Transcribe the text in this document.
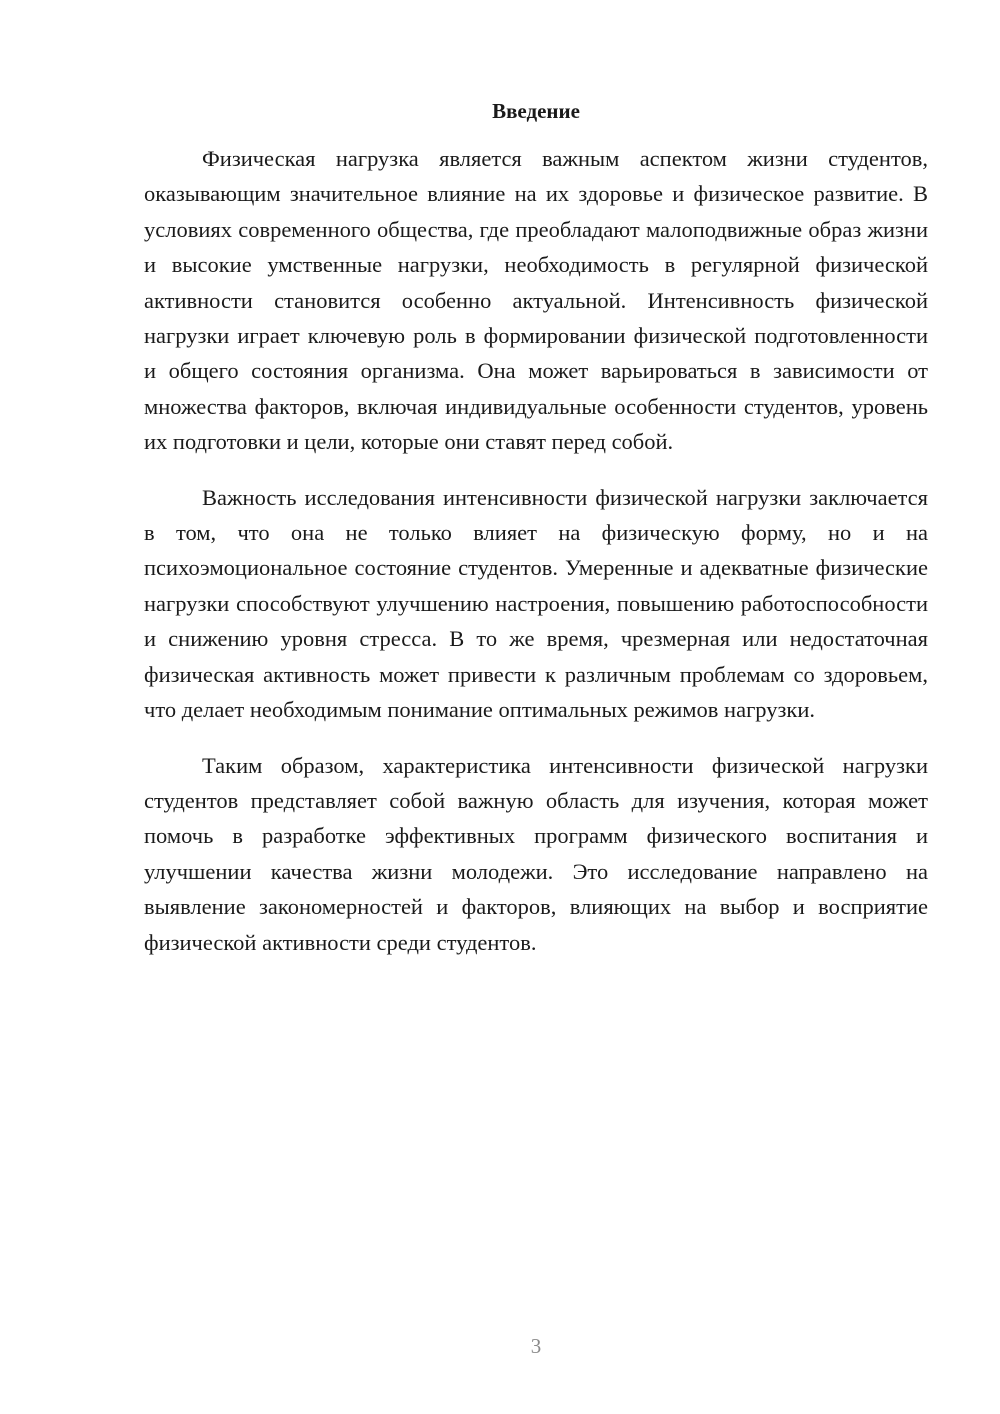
Введение

Физическая нагрузка является важным аспектом жизни студентов, оказывающим значительное влияние на их здоровье и физическое развитие. В условиях современного общества, где преобладают малоподвижные образ жизни и высокие умственные нагрузки, необходимость в регулярной физической активности становится особенно актуальной. Интенсивность физической нагрузки играет ключевую роль в формировании физической подготовленности и общего состояния организма. Она может варьироваться в зависимости от множества факторов, включая индивидуальные особенности студентов, уровень их подготовки и цели, которые они ставят перед собой.

Важность исследования интенсивности физической нагрузки заключается в том, что она не только влияет на физическую форму, но и на психоэмоциональное состояние студентов. Умеренные и адекватные физические нагрузки способствуют улучшению настроения, повышению работоспособности и снижению уровня стресса. В то же время, чрезмерная или недостаточная физическая активность может привести к различным проблемам со здоровьем, что делает необходимым понимание оптимальных режимов нагрузки.

Таким образом, характеристика интенсивности физической нагрузки студентов представляет собой важную область для изучения, которая может помочь в разработке эффективных программ физического воспитания и улучшении качества жизни молодежи. Это исследование направлено на выявление закономерностей и факторов, влияющих на выбор и восприятие физической активности среди студентов.

3
